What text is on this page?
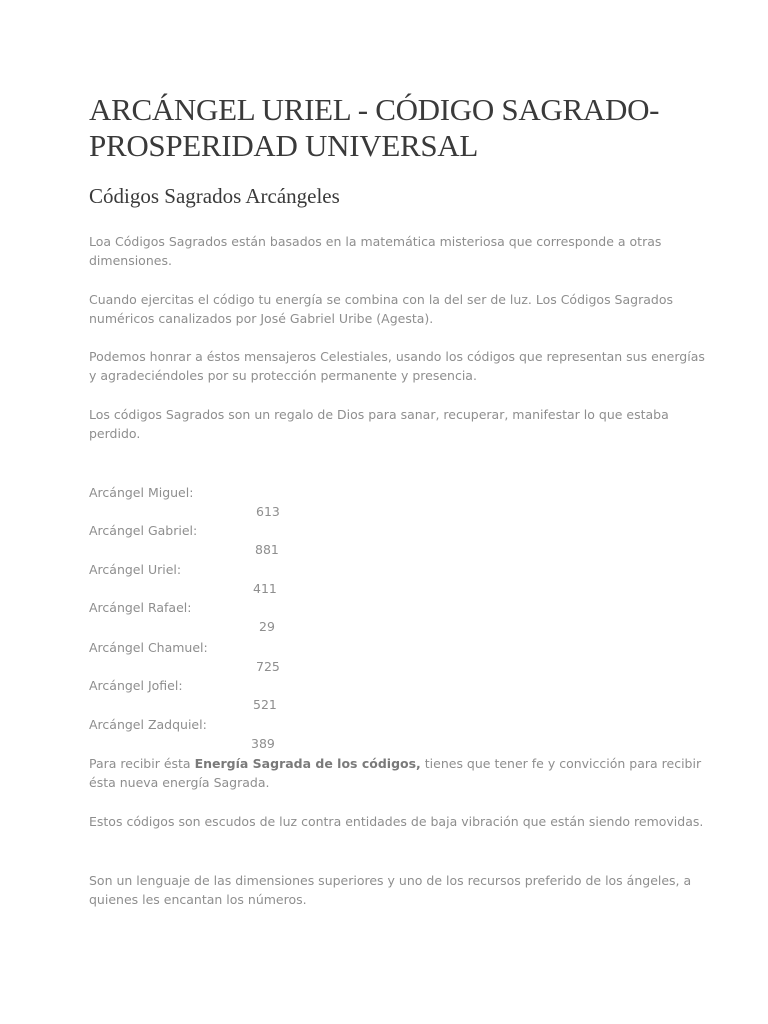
ARCÁNGEL URIEL - CÓDIGO SAGRADO- PROSPERIDAD UNIVERSAL
Códigos Sagrados Arcángeles

Loa Códigos Sagrados están basados en la matemática misteriosa que corresponde a otras dimensiones.

Cuando ejercitas el código tu energía se combina con la del ser de luz. Los Códigos Sagrados numéricos canalizados por José Gabriel Uribe (Agesta).

Podemos honrar a éstos mensajeros Celestiales, usando los códigos que representan sus energías y agradeciéndoles por su protección permanente y presencia.

Los códigos Sagrados son un regalo de Dios para sanar, recuperar, manifestar lo que estaba perdido.

Arcángel Miguel:

613

Arcángel Gabriel:

881

Arcángel Uriel:

411

Arcángel Rafael:

29

Arcángel Chamuel:

725

Arcángel Jofiel:

521

Arcángel Zadquiel:

389

Para recibir ésta Energía Sagrada de los códigos, tienes que tener fe y convicción para recibir ésta nueva energía Sagrada.

Estos códigos son escudos de luz contra entidades de baja vibración que están siendo removidas.

Son un lenguaje de las dimensiones superiores y uno de los recursos preferido de los ángeles, a quienes les encantan los números.
